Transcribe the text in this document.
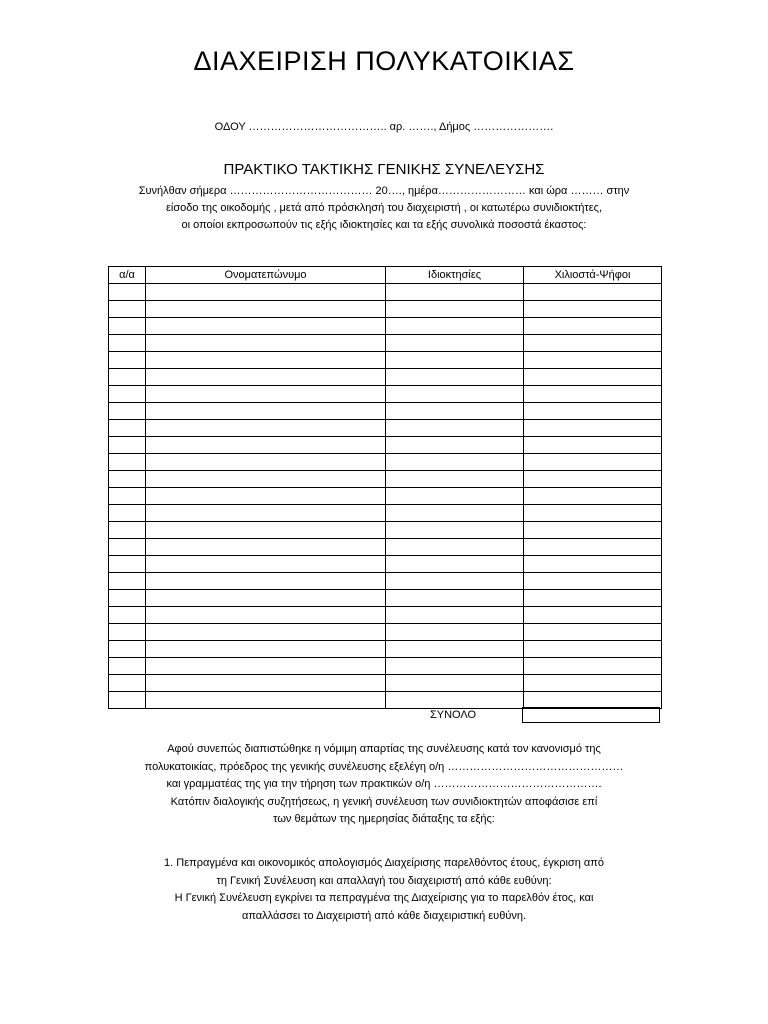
ΔΙΑΧΕΙΡΙΣΗ ΠΟΛΥΚΑΤΟΙΚΙΑΣ
ΟΔΟΥ ……………………………….. αρ. ……., Δήμος ………………….
ΠΡΑΚΤΙΚΟ ΤΑΚΤΙΚΗΣ ΓΕΝΙΚΗΣ ΣΥΝΕΛΕΥΣΗΣ
Συνήλθαν σήμερα ………………………………… 20…., ημέρα…………………… και ώρα ……… στην
είσοδο της οικοδομής , μετά από πρόσκλησή του διαχειριστή , οι κατωτέρω συνιδιοκτήτες,
οι οποίοι εκπροσωπούν τις εξής ιδιοκτησίες και τα εξής συνολικά ποσοστά έκαστος:
α/α	Ονοματεπώνυμο	Ιδιοκτησίες	Χιλιοστά-Ψήφοι

ΣΥΝΟΛΟ
Αφού συνεπώς διαπιστώθηκε η νόμιμη απαρτίας της συνέλευσης κατά τον κανονισμό της
πολυκατοικίας, πρόεδρος της γενικής συνέλευσης εξελέγη ο/η …………………………………………
και γραμματέας της για την τήρηση των πρακτικών ο/η ……………………………………….
Κατόπιν διαλογικής συζητήσεως, η γενική συνέλευση των συνιδιοκτητών αποφάσισε επί
των θεμάτων της ημερησίας διάταξης τα εξής:
1. Πεπραγμένα και οικονομικός απολογισμός Διαχείρισης παρελθόντος έτους, έγκριση από
τη Γενική Συνέλευση και απαλλαγή του διαχειριστή από κάθε ευθύνη:
Η Γενική Συνέλευση εγκρίνει τα πεπραγμένα της Διαχείρισης για το παρελθόν έτος, και
απαλλάσσει το Διαχειριστή από κάθε διαχειριστική ευθύνη.
